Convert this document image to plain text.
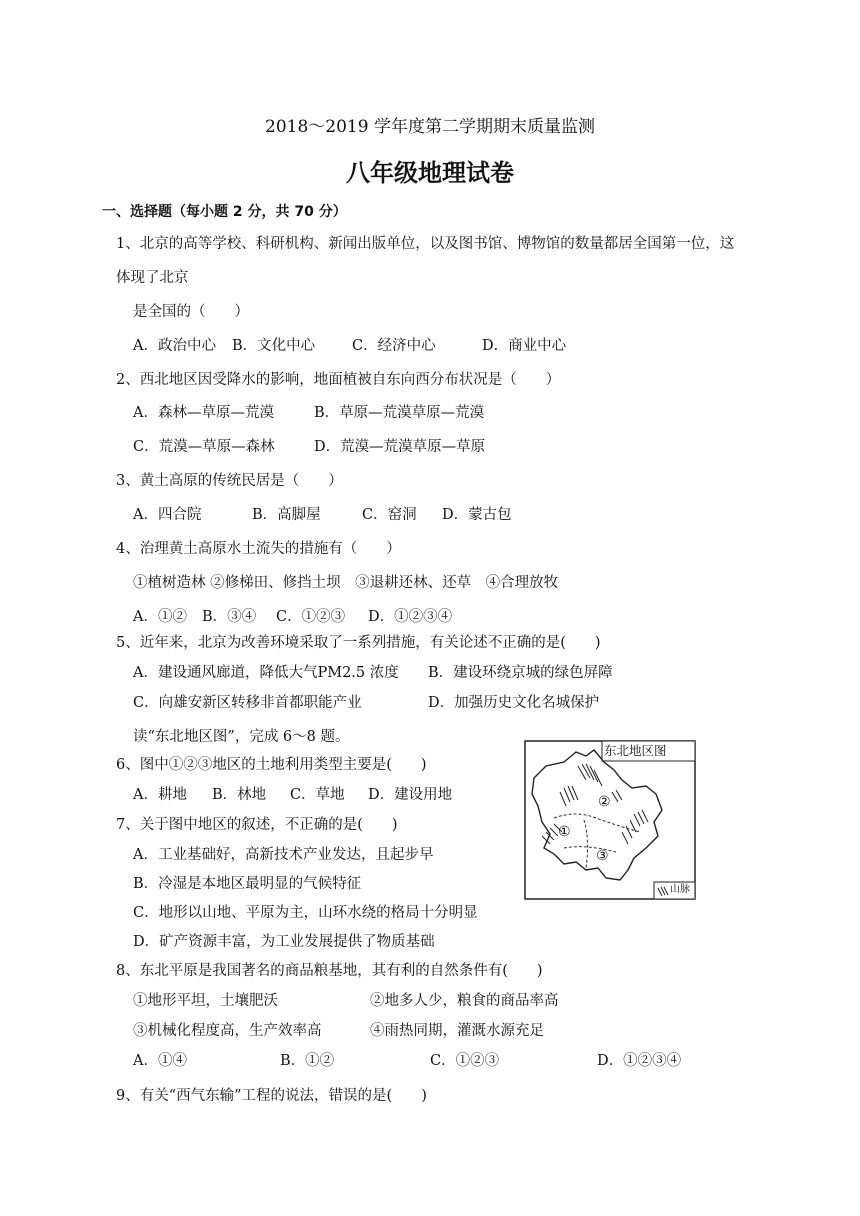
2018～2019 学年度第二学期期末质量监测
八年级地理试卷
一、选择题（每小题 2 分，共 70 分）
1、北京的高等学校、科研机构、新闻出版单位，以及图书馆、博物馆的数量都居全国第一位，这
体现了北京
是全国的（　　）
A．政治中心 B．文化中心	C．经济中心	D．商业中心
2、西北地区因受降水的影响，地面植被自东向西分布状况是（　　）
A．森林—草原—荒漠	B．草原—荒漠草原—荒漠
C．荒漠—草原—森林	D．荒漠—荒漠草原—草原
3、黄土高原的传统民居是（　　）
A．四合院	B．高脚屋	C．窑洞 D．蒙古包
4、治理黄土高原水土流失的措施有（　　）
①植树造林 ②修梯田、修挡土坝　③退耕还林、还草　④合理放牧
A．①② B．③④ C．①②③ D．①②③④
5、近年来，北京为改善环境采取了一系列措施，有关论述不正确的是(　　)
A．建设通风廊道，降低大气PM2.5 浓度 B．建设环绕京城的绿色屏障
C．向雄安新区转移非首都职能产业	D．加强历史文化名城保护
读“东北地区图”，完成 6～8 题。
东北地区图
①
②
③
山脉
6、图中①②③地区的土地利用类型主要是(　　)
A．耕地 B．林地 C．草地 D．建设用地
7、关于图中地区的叙述，不正确的是(　　)
A．工业基础好，高新技术产业发达，且起步早
B．冷湿是本地区最明显的气候特征
C．地形以山地、平原为主，山环水绕的格局十分明显
D．矿产资源丰富，为工业发展提供了物质基础
8、东北平原是我国著名的商品粮基地，其有利的自然条件有(　　)
①地形平坦，土壤肥沃	②地多人少，粮食的商品率高
③机械化程度高，生产效率高	④雨热同期，灌溉水源充足
A．①④	B．①②	C．①②③	D．①②③④
9、有关“西气东输”工程的说法，错误的是(　　)
